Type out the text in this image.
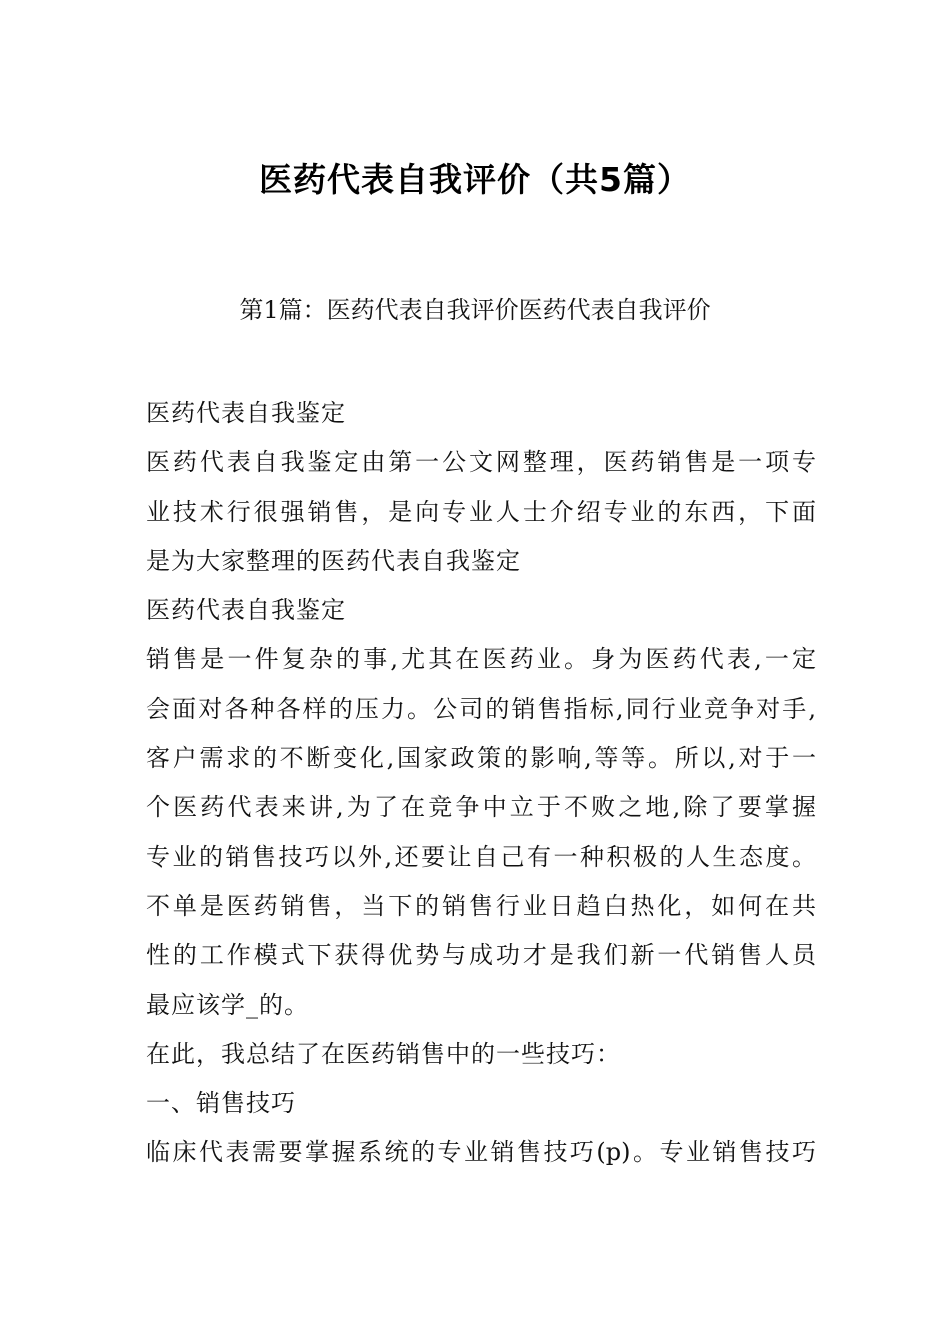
医药代表自我评价（共5篇）
第1篇：医药代表自我评价医药代表自我评价
医药代表自我鉴定
医药代表自我鉴定由第一公文网整理，医药销售是一项专
业技术行很强销售，是向专业人士介绍专业的东西，下面
是为大家整理的医药代表自我鉴定
医药代表自我鉴定
销售是一件复杂的事,尤其在医药业。身为医药代表,一定
会面对各种各样的压力。公司的销售指标,同行业竞争对手,
客户需求的不断变化,国家政策的影响,等等。所以,对于一
个医药代表来讲,为了在竞争中立于不败之地,除了要掌握
专业的销售技巧以外,还要让自己有一种积极的人生态度。
不单是医药销售，当下的销售行业日趋白热化，如何在共
性的工作模式下获得优势与成功才是我们新一代销售人员
最应该学_的。
在此，我总结了在医药销售中的一些技巧：
一、销售技巧
临床代表需要掌握系统的专业销售技巧(p)。专业销售技巧
